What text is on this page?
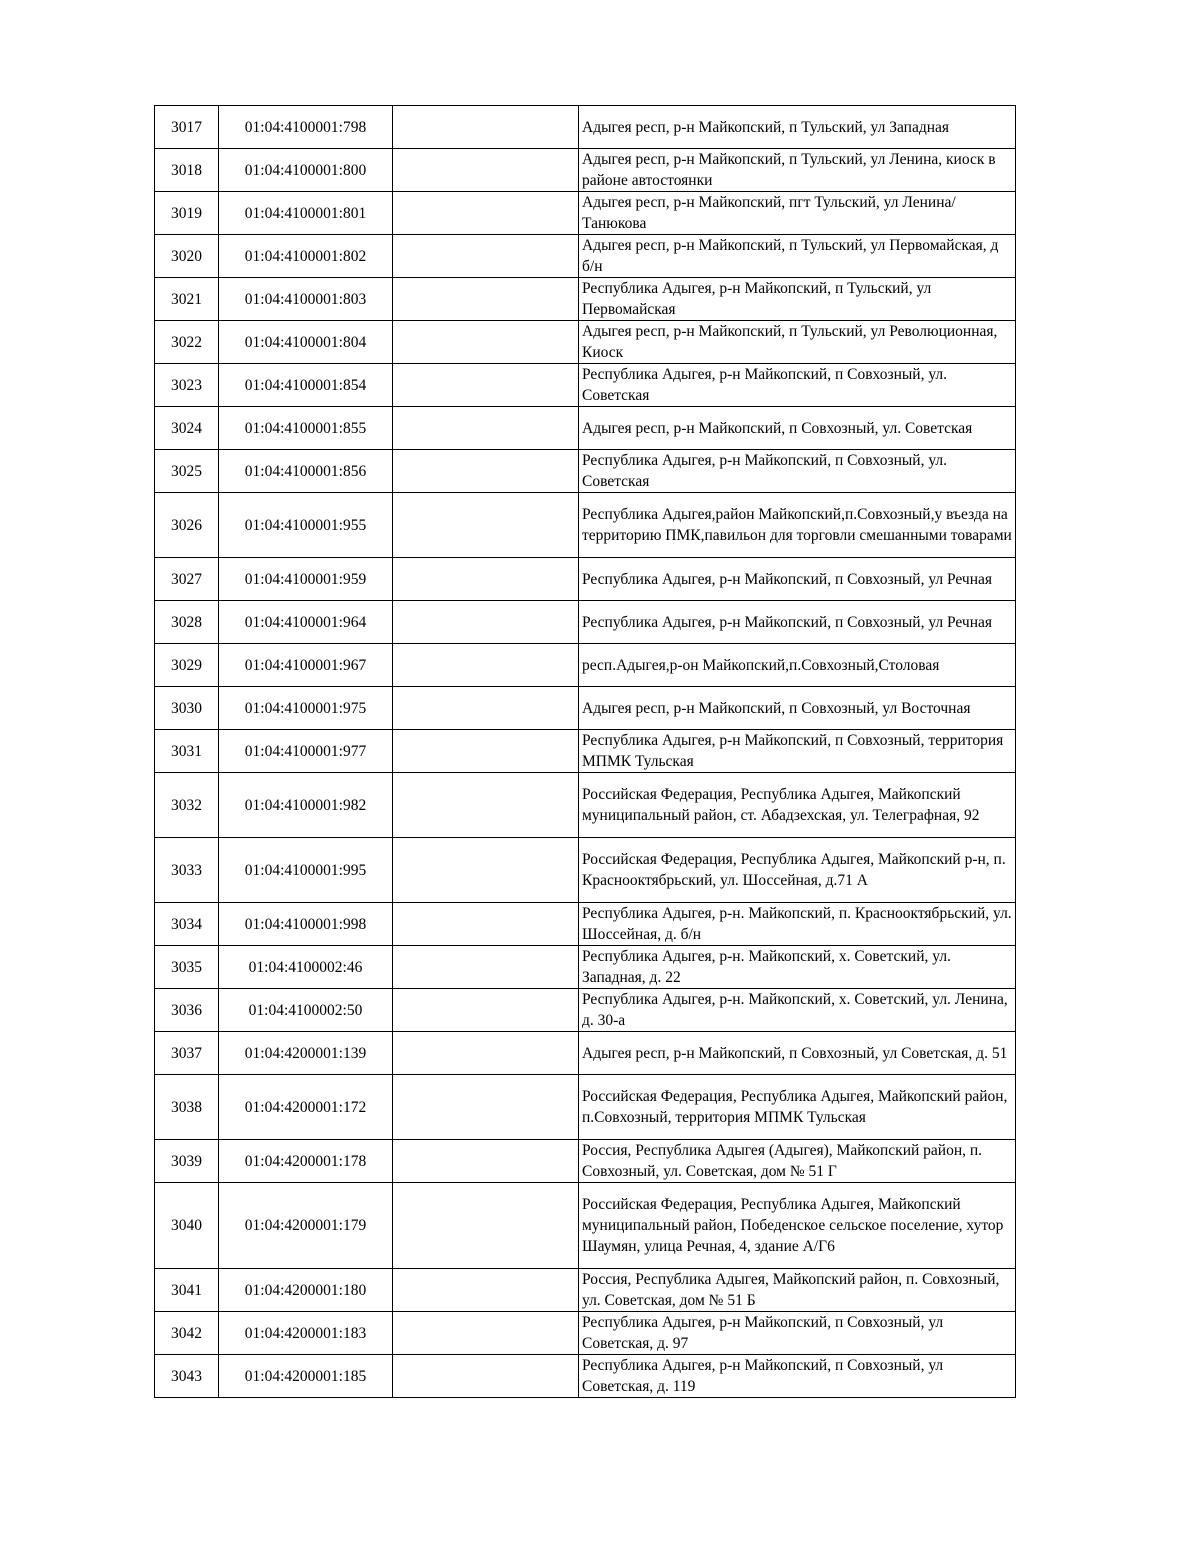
3017	01:04:4100001:798		Адыгея респ, р-н Майкопский, п Тульский, ул Западная
3018	01:04:4100001:800		Адыгея респ, р-н Майкопский, п Тульский, ул Ленина, киоск в районе автостоянки
3019	01:04:4100001:801		Адыгея респ, р-н Майкопский, пгт Тульский, ул Ленина/Танюкова
3020	01:04:4100001:802		Адыгея респ, р-н Майкопский, п Тульский, ул Первомайская, д б/н
3021	01:04:4100001:803		Республика Адыгея, р-н Майкопский, п Тульский, ул Первомайская
3022	01:04:4100001:804		Адыгея респ, р-н Майкопский, п Тульский, ул Революционная, Киоск
3023	01:04:4100001:854		Республика Адыгея, р-н Майкопский, п Совхозный, ул. Советская
3024	01:04:4100001:855		Адыгея респ, р-н Майкопский, п Совхозный, ул. Советская
3025	01:04:4100001:856		Республика Адыгея, р-н Майкопский, п Совхозный, ул. Советская
3026	01:04:4100001:955		Республика Адыгея,район Майкопский,п.Совхозный,у въезда на территорию ПМК,павильон для торговли смешанными товарами
3027	01:04:4100001:959		Республика Адыгея, р-н Майкопский, п Совхозный, ул Речная
3028	01:04:4100001:964		Республика Адыгея, р-н Майкопский, п Совхозный, ул Речная
3029	01:04:4100001:967		респ.Адыгея,р-он Майкопский,п.Совхозный,Столовая
3030	01:04:4100001:975		Адыгея респ, р-н Майкопский, п Совхозный, ул Восточная
3031	01:04:4100001:977		Республика Адыгея, р-н Майкопский, п Совхозный, территория МПМК Тульская
3032	01:04:4100001:982		Российская Федерация, Республика Адыгея, Майкопский муниципальный район, ст. Абадзехская, ул. Телеграфная, 92
3033	01:04:4100001:995		Российская Федерация, Республика Адыгея, Майкопский р-н, п. Краснооктябрьский, ул. Шоссейная, д.71 А
3034	01:04:4100001:998		Республика Адыгея, р-н. Майкопский, п. Краснооктябрьский, ул. Шоссейная, д. б/н
3035	01:04:4100002:46		Республика Адыгея, р-н. Майкопский, х. Советский, ул. Западная, д. 22
3036	01:04:4100002:50		Республика Адыгея, р-н. Майкопский, х. Советский, ул. Ленина, д. 30-а
3037	01:04:4200001:139		Адыгея респ, р-н Майкопский, п Совхозный, ул Советская, д. 51
3038	01:04:4200001:172		Российская Федерация, Республика Адыгея, Майкопский район, п.Совхозный, территория МПМК Тульская
3039	01:04:4200001:178		Россия, Республика Адыгея (Адыгея), Майкопский район, п. Совхозный, ул. Советская, дом № 51 Г
3040	01:04:4200001:179		Российская Федерация, Республика Адыгея, Майкопский муниципальный район, Победенское сельское поселение, хутор Шаумян, улица Речная, 4, здание А/Г6
3041	01:04:4200001:180		Россия, Республика Адыгея, Майкопский район, п. Совхозный, ул. Советская, дом № 51 Б
3042	01:04:4200001:183		Республика Адыгея, р-н Майкопский, п Совхозный, ул Советская, д. 97
3043	01:04:4200001:185		Республика Адыгея, р-н Майкопский, п Совхозный, ул Советская, д. 119
